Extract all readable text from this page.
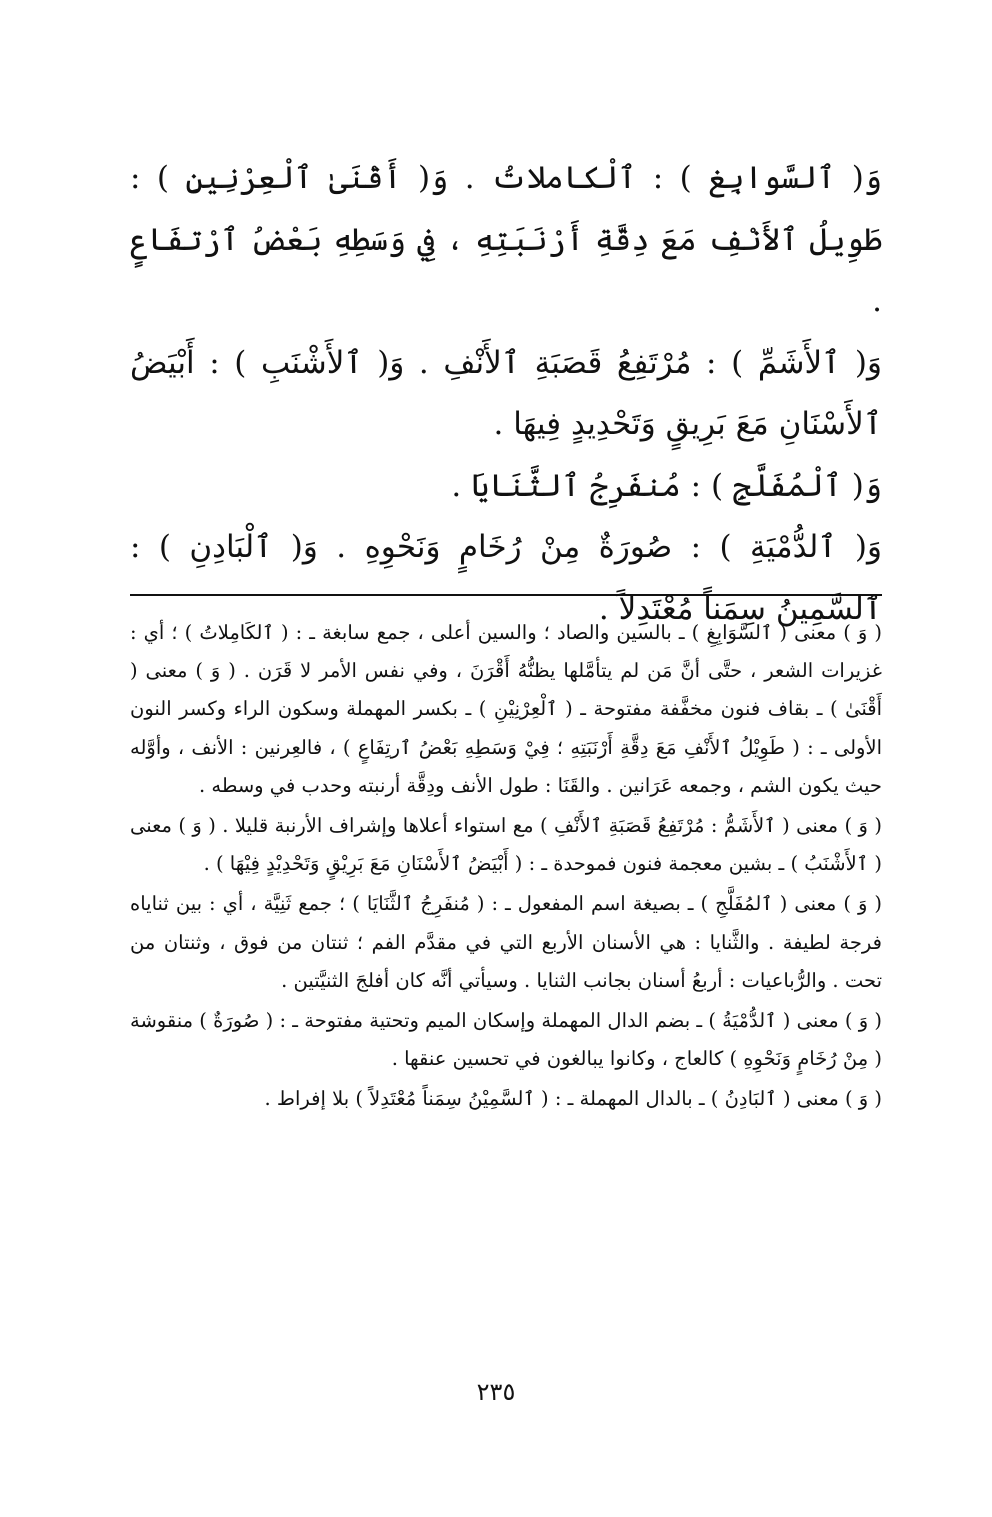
وَ( ٱلسَّوابِغ ) : ٱلْكاملاتُ . وَ( أَقْنَىٰ ٱلْعِرْنِينِ ) : طَوِيلُ ٱلأَنْفِ مَعَ دِقَّةِ أَرْنَبَتِهِ ، فِي وَسَطِهِ بَعْضُ ٱرْتفَاعٍ .

وَ( ٱلأَشَمِّ ) : مُرْتَفِعُ قَصَبَةِ ٱلأَنْفِ . وَ( ٱلأَشْنَبِ ) : أَبْيَضُ ٱلأَسْنَانِ مَعَ بَرِيقٍ وَتَحْدِيدٍ فِيهَا .

وَ( ٱلْمُفَلَّجِ ) : مُنفَرِجُ ٱلثَّنَايَا .

وَ( ٱلدُّمْيَةِ ) : صُورَةٌ مِنْ رُخَامٍ وَنَحْوِهِ . وَ( ٱلْبَادِنِ ) : ٱلسَّمِينُ سِمَناً مُعْتَدِلاً .

( وَ ) معنى ( ٱلسَّوَابِغِ ) ـ بالسين والصاد ؛ والسين أعلى ، جمع سابغة ـ : ( ٱلكَامِلاتُ ) ؛ أي : غزيرات الشعر ، حتَّى أنَّ مَن لم يتأمَّلها يظنُّهُ أَقْرَنَ ، وفي نفس الأمر لا قَرَن . ( وَ ) معنى ( أَقْنَىٰ ) ـ بقاف فنون مخفَّفة مفتوحة ـ ( ٱلْعِرْنِيْنِ ) ـ بكسر المهملة وسكون الراء وكسر النون الأولى ـ : ( طَوِيْلُ ٱلأَنْفِ مَعَ دِقَّةِ أَرْنَبَتِهِ ؛ فِيْ وَسَطِهِ بَعْضُ ٱرتِفَاعٍ ) ، فالعِرنين : الأنف ، وأوَّله حيث يكون الشم ، وجمعه عَرَانين . والقَنَا : طول الأنف ودِقَّة أرنبته وحدب في وسطه .

( وَ ) معنى ( ٱلأَشَمُّ : مُرْتَفِعُ قَصَبَةِ ٱلأَنْفِ ) مع استواء أعلاها وإشراف الأرنبة قليلا . ( وَ ) معنى ( ٱلأَشْنَبُ ) ـ بشين معجمة فنون فموحدة ـ : ( أَبْيَضُ ٱلأَسْنَانِ مَعَ بَرِيْقٍ وَتَحْدِيْدٍ فِيْهَا ) .

( وَ ) معنى ( ٱلمُفَلَّجِ ) ـ بصيغة اسم المفعول ـ : ( مُنفَرِجُ ٱلثَّنَايَا ) ؛ جمع ثَنِيَّة ، أي : بين ثناياه فرجة لطيفة . والثَّنايا : هي الأسنان الأربع التي في مقدَّم الفم ؛ ثنتان من فوق ، وثنتان من تحت . والرُّباعيات : أربعُ أسنان بجانب الثنايا . وسيأتي أنَّه كان أفلجَ الثنيَّتين .

( وَ ) معنى ( ٱلدُّمْيَةُ ) ـ بضم الدال المهملة وإسكان الميم وتحتية مفتوحة ـ : ( صُورَةٌ ) منقوشة ( مِنْ رُخَامٍ وَنَحْوِهِ ) كالعاج ، وكانوا يبالغون في تحسين عنقها .

( وَ ) معنى ( ٱلبَادِنُ ) ـ بالدال المهملة ـ : ( ٱلسَّمِيْنُ سِمَناً مُعْتَدِلاً ) بلا إفراط .

٢٣٥
